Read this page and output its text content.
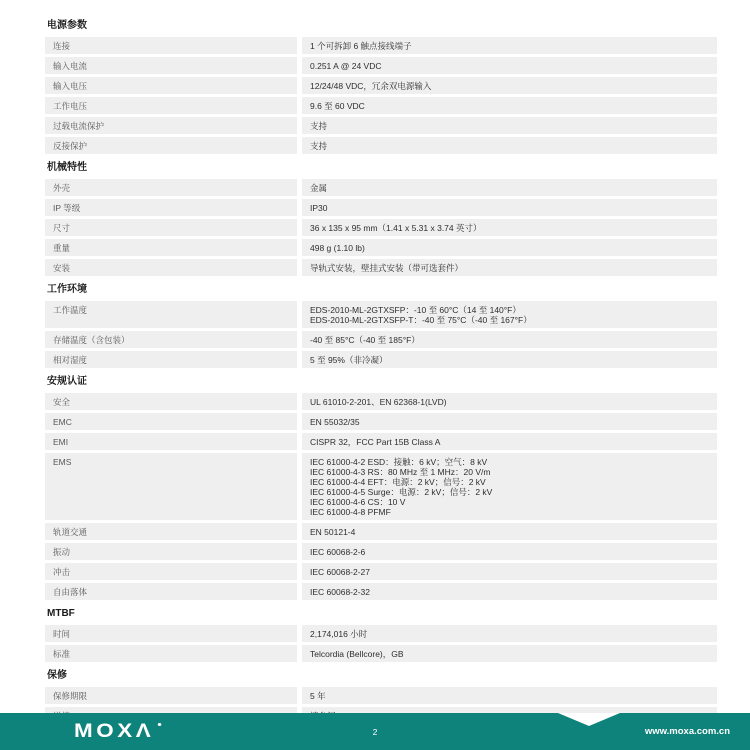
电源参数
连接	1 个可拆卸 6 触点接线端子
输入电流	0.251 A @ 24 VDC
输入电压	12/24/48 VDC，冗余双电源输入
工作电压	9.6 至 60 VDC
过载电流保护	支持
反接保护	支持
机械特性
外壳	金属
IP 等级	IP30
尺寸	36 x 135 x 95 mm（1.41 x 5.31 x 3.74 英寸）
重量	498 g (1.10 lb)
安装	导轨式安装，壁挂式安装（带可选套件）
工作环境
工作温度	EDS-2010-ML-2GTXSFP：-10 至 60°C（14 至 140°F）
EDS-2010-ML-2GTXSFP-T：-40 至 75°C（-40 至 167°F）
存储温度（含包装）	-40 至 85°C（-40 至 185°F）
相对湿度	5 至 95%（非冷凝）
安规认证
安全	UL 61010-2-201、EN 62368-1(LVD)
EMC	EN 55032/35
EMI	CISPR 32，FCC Part 15B Class A
EMS	IEC 61000-4-2 ESD：接触：6 kV；空气：8 kV
IEC 61000-4-3 RS：80 MHz 至 1 MHz：20 V/m
IEC 61000-4-4 EFT：电源：2 kV；信号：2 kV
IEC 61000-4-5 Surge：电源：2 kV；信号：2 kV
IEC 61000-4-6 CS：10 V
IEC 61000-4-8 PFMF
轨道交通	EN 50121-4
振动	IEC 60068-2-6
冲击	IEC 60068-2-27
自由落体	IEC 60068-2-32
MTBF
时间	2,174,016 小时
标准	Telcordia (Bellcore)，GB
保修
保修期限	5 年
MOXΛ	2	www.moxa.com.cn
